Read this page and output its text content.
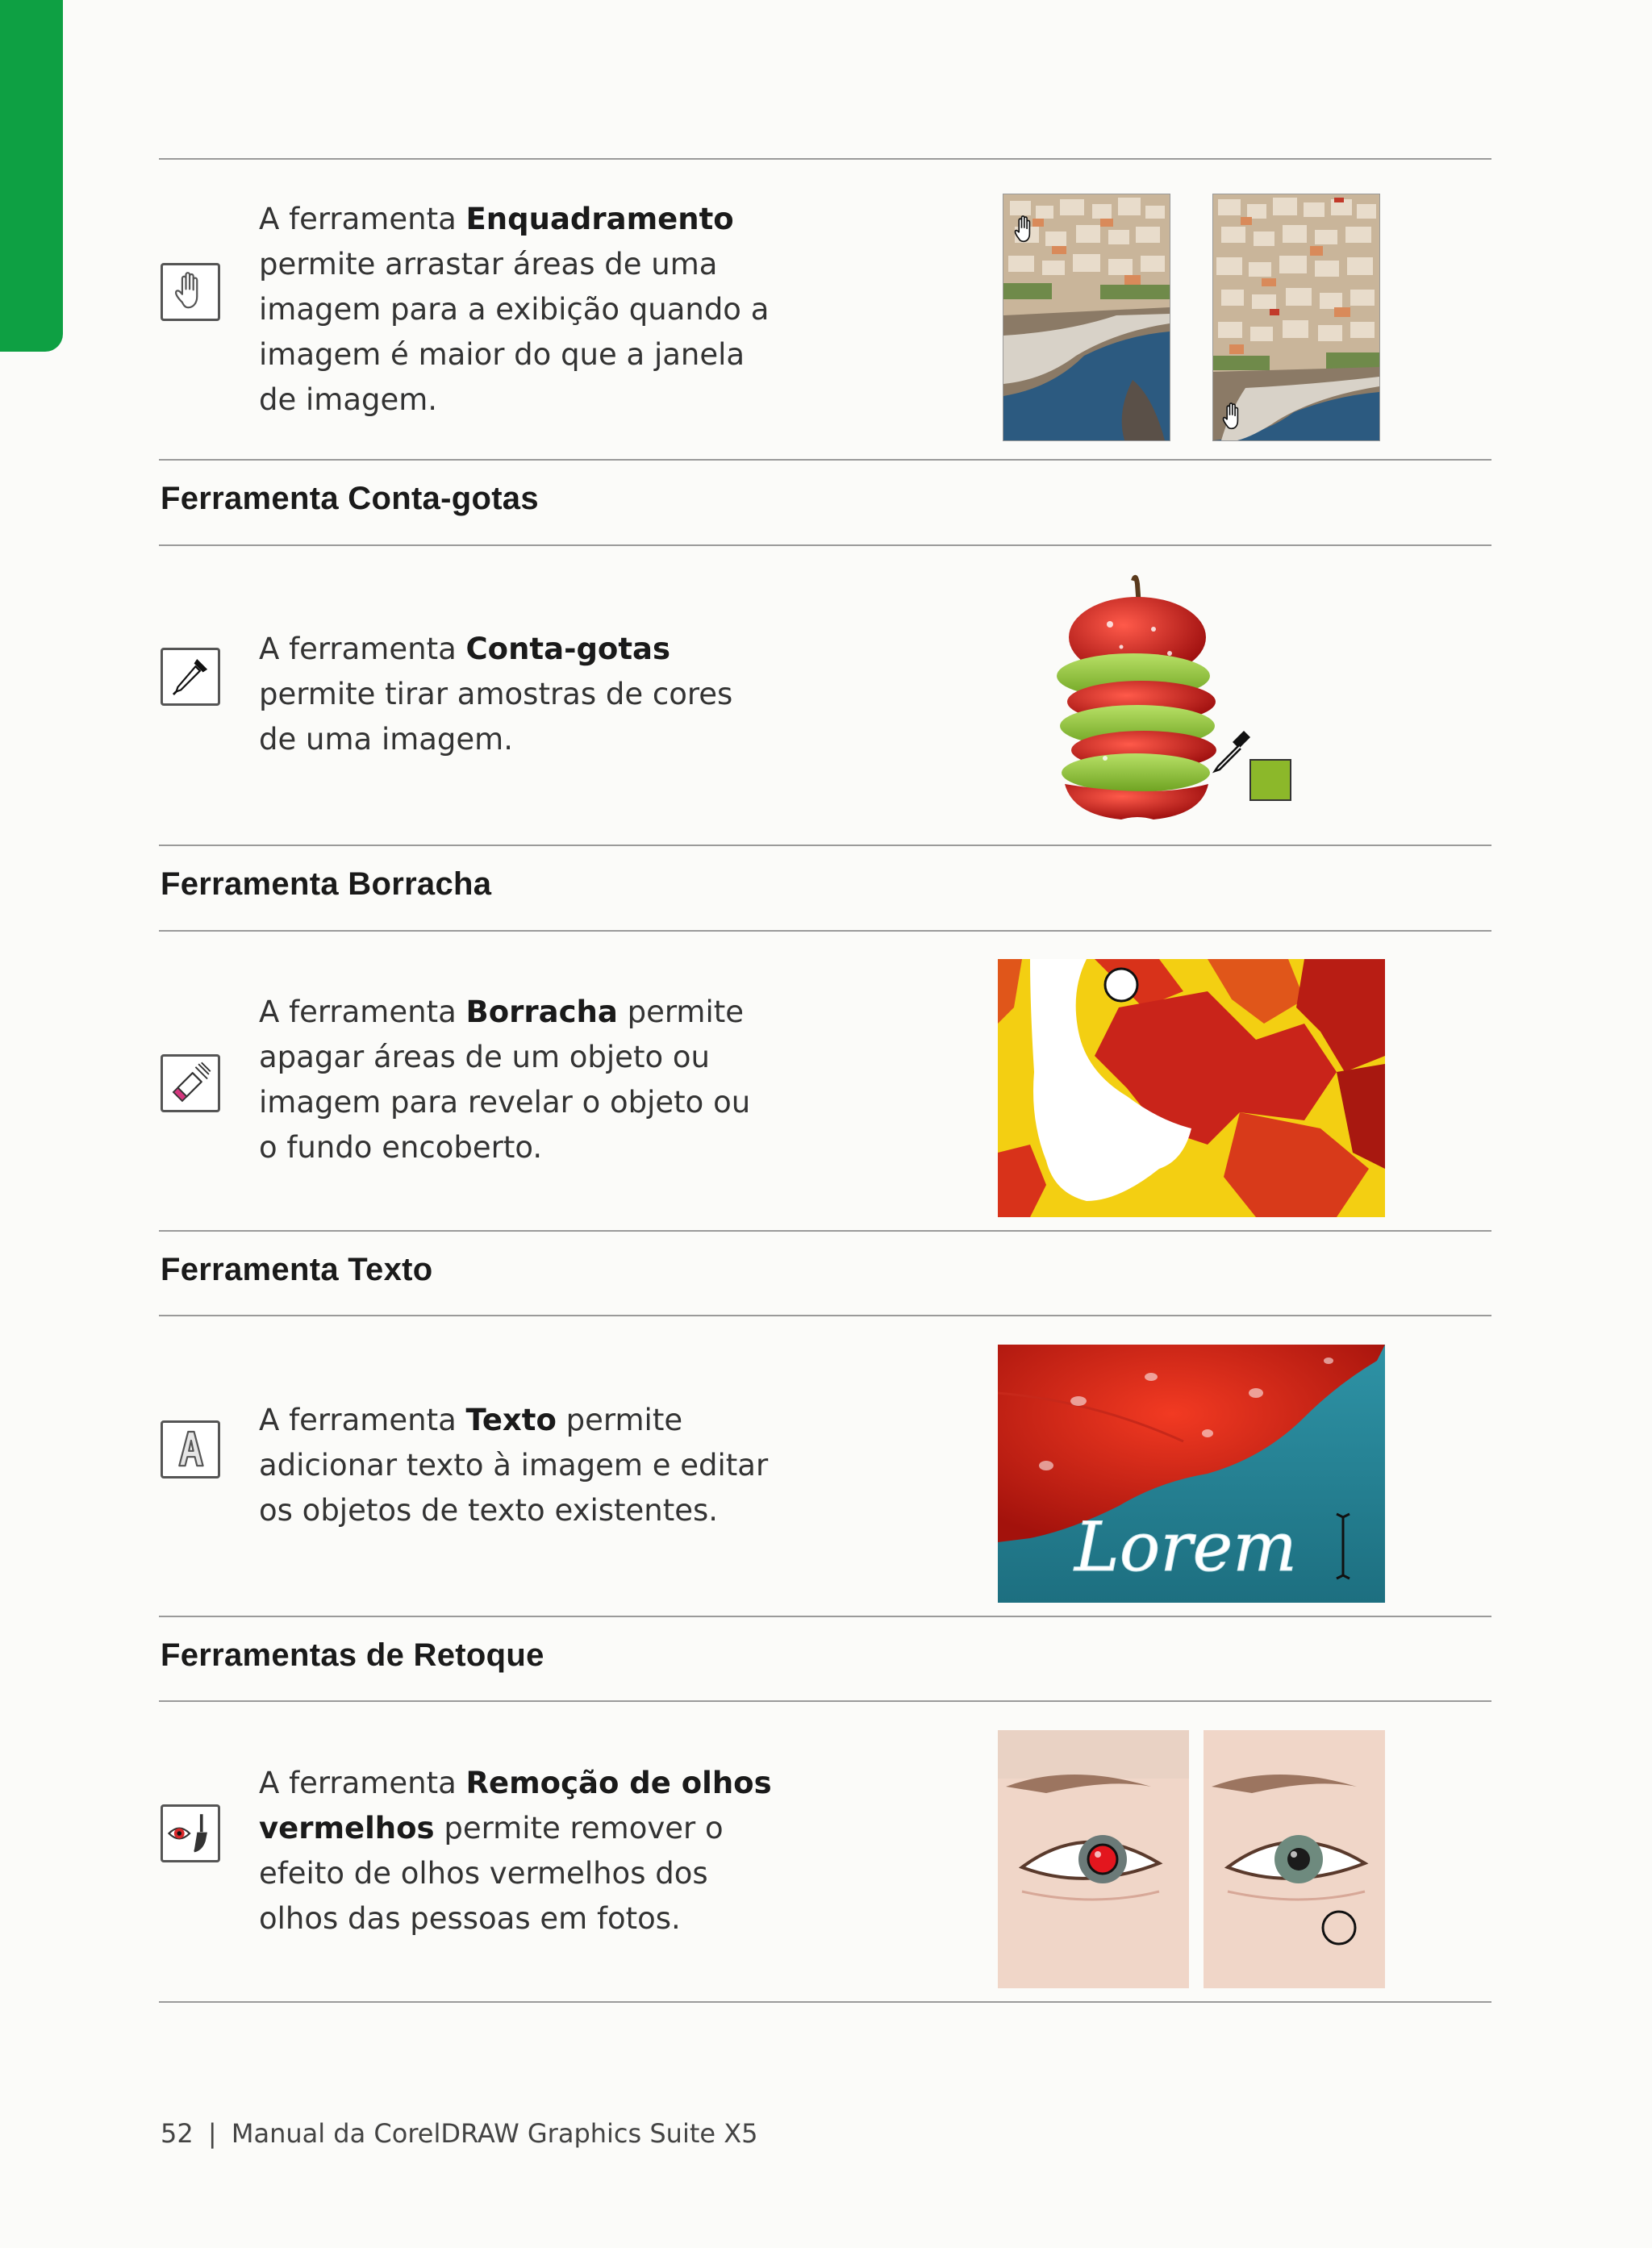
A ferramenta Enquadramento permite arrastar áreas de uma imagem para a exibição quando a imagem é maior do que a janela de imagem.
Ferramenta Conta-gotas
A ferramenta Conta-gotas permite tirar amostras de cores de uma imagem.
Ferramenta Borracha
A ferramenta Borracha permite apagar áreas de um objeto ou imagem para revelar o objeto ou o fundo encoberto.
Ferramenta Texto
A ferramenta Texto permite adicionar texto à imagem e editar os objetos de texto existentes.	Lorem
Ferramentas de Retoque
A ferramenta Remoção de olhos vermelhos permite remover o efeito de olhos vermelhos dos olhos das pessoas em fotos.
52 | Manual da CorelDRAW Graphics Suite X5
